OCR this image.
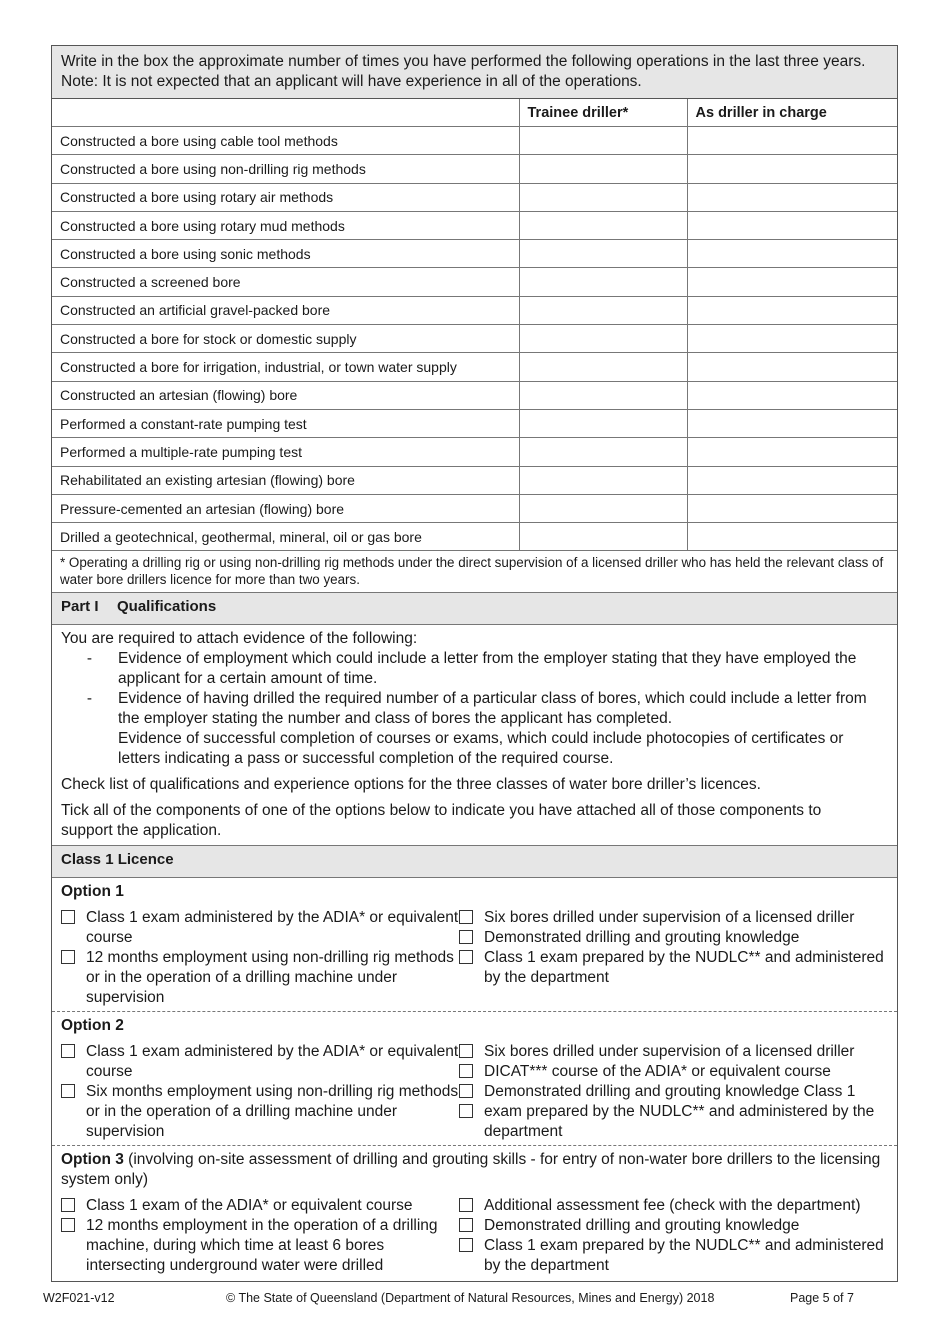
Write in the box the approximate number of times you have performed the following operations in the last three years.
Note: It is not expected that an applicant will have experience in all of the operations.
	Trainee driller*	As driller in charge
Constructed a bore using cable tool methods		
Constructed a bore using non-drilling rig methods		
Constructed a bore using rotary air methods		
Constructed a bore using rotary mud methods		
Constructed a bore using sonic methods		
Constructed a screened bore		
Constructed an artificial gravel-packed bore		
Constructed a bore for stock or domestic supply		
Constructed a bore for irrigation, industrial, or town water supply		
Constructed an artesian (flowing) bore		
Performed a constant-rate pumping test		
Performed a multiple-rate pumping test		
Rehabilitated an existing artesian (flowing) bore		
Pressure-cemented an artesian (flowing) bore		
Drilled a geotechnical, geothermal, mineral, oil or gas bore		
* Operating a drilling rig or using non-drilling rig methods under the direct supervision of a licensed driller who has held the relevant class of water bore drillers licence for more than two years.
Part I Qualifications

You are required to attach evidence of the following:

-	Evidence of employment which could include a letter from the employer stating that they have employed the applicant for a certain amount of time.
-	Evidence of having drilled the required number of a particular class of bores, which could include a letter from the employer stating the number and class of bores the applicant has completed.
Evidence of successful completion of courses or exams, which could include photocopies of certificates or letters indicating a pass or successful completion of the required course.

Check list of qualifications and experience options for the three classes of water bore driller’s licences.

Tick all of the components of one of the options below to indicate you have attached all of those components to support the application.

Class 1 Licence
Option 1
Class 1 exam administered by the ADIA* or equivalent course
12 months employment using non-drilling rig methods or in the operation of a drilling machine under supervision
Six bores drilled under supervision of a licensed driller
Demonstrated drilling and grouting knowledge
Class 1 exam prepared by the NUDLC** and administered by the department
Option 2
Class 1 exam administered by the ADIA* or equivalent course
Six months employment using non-drilling rig methods or in the operation of a drilling machine under supervision
Six bores drilled under supervision of a licensed driller
DICAT*** course of the ADIA* or equivalent course
Demonstrated drilling and grouting knowledge Class 1
exam prepared by the NUDLC** and administered by the department
Option 3 (involving on-site assessment of drilling and grouting skills - for entry of non-water bore drillers to the licensing system only)
Class 1 exam of the ADIA* or equivalent course
12 months employment in the operation of a drilling machine, during which time at least 6 bores intersecting underground water were drilled
Additional assessment fee (check with the department)
Demonstrated drilling and grouting knowledge
Class 1 exam prepared by the NUDLC** and administered by the department
W2F021-v12	© The State of Queensland (Department of Natural Resources, Mines and Energy) 2018	Page 5 of 7
